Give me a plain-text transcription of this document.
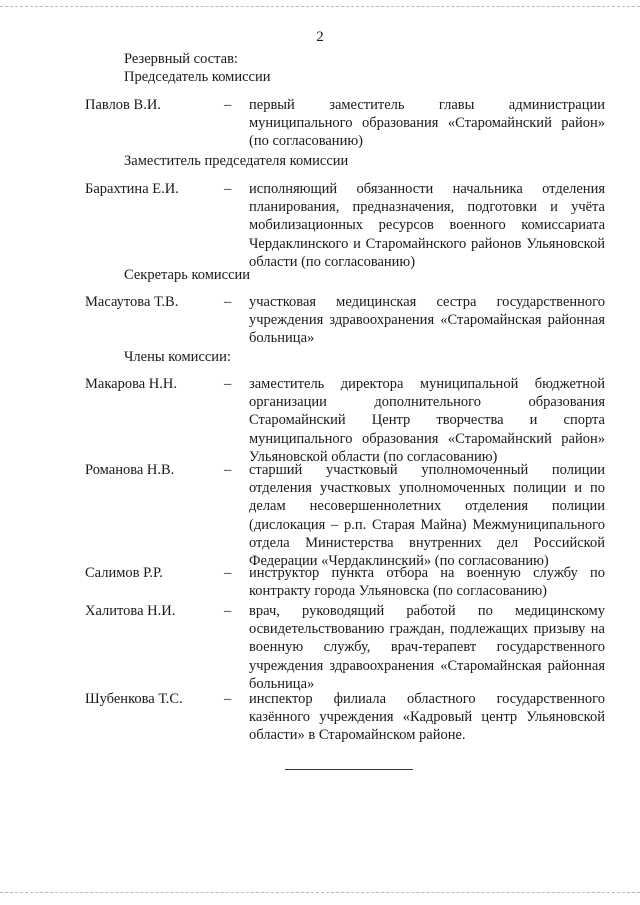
2
Резервный состав:
Председатель комиссии
Павлов В.И.	– первый заместитель главы администрации муниципального образования «Старомайнский район» (по согласованию)
Заместитель председателя комиссии
Барахтина Е.И.	– исполняющий обязанности начальника отделения планирования, предназначения, подготовки и учёта мобилизационных ресурсов военного комиссариата Чердаклинского и Старомайнского районов Ульяновской области (по согласованию)
Секретарь комиссии
Масаутова Т.В.	– участковая медицинская сестра государственного учреждения здравоохранения «Старомайнская районная больница»
Члены комиссии:
Макарова Н.Н.	– заместитель директора муниципальной бюджетной организации дополнительного образования Старомайнский Центр творчества и спорта муниципального образования «Старомайнский район» Ульяновской области (по согласованию)
Романова Н.В.	– старший участковый уполномоченный полиции отделения участковых уполномоченных полиции и по делам несовершеннолетних отделения полиции (дислокация – р.п. Старая Майна) Межмуниципального отдела Министерства внутренних дел Российской Федерации «Чердаклинский» (по согласованию)
Салимов Р.Р.	– инструктор пункта отбора на военную службу по контракту города Ульяновска (по согласованию)
Халитова Н.И.	– врач, руководящий работой по медицинскому освидетельствованию граждан, подлежащих призыву на военную службу, врач-терапевт государственного учреждения здравоохранения «Старомайнская районная больница»
Шубенкова Т.С.	– инспектор филиала областного государственного казённого учреждения «Кадровый центр Ульяновской области» в Старомайнском районе.
